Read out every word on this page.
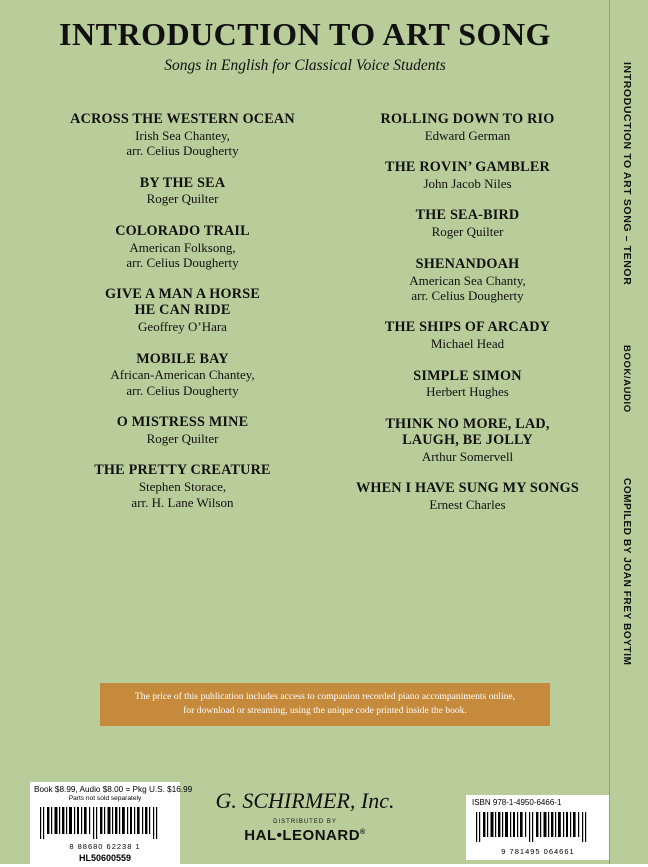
INTRODUCTION TO ART SONG
Songs in English for Classical Voice Students
ACROSS THE WESTERN OCEAN
Irish Sea Chantey,
arr. Celius Dougherty
BY THE SEA
Roger Quilter
COLORADO TRAIL
American Folksong,
arr. Celius Dougherty
GIVE A MAN A HORSE
HE CAN RIDE
Geoffrey O’Hara
MOBILE BAY
African-American Chantey,
arr. Celius Dougherty
O MISTRESS MINE
Roger Quilter
THE PRETTY CREATURE
Stephen Storace,
arr. H. Lane Wilson
ROLLING DOWN TO RIO
Edward German
THE ROVIN’ GAMBLER
John Jacob Niles
THE SEA-BIRD
Roger Quilter
SHENANDOAH
American Sea Chanty,
arr. Celius Dougherty
THE SHIPS OF ARCADY
Michael Head
SIMPLE SIMON
Herbert Hughes
THINK NO MORE, LAD,
LAUGH, BE JOLLY
Arthur Somervell
WHEN I HAVE SUNG MY SONGS
Ernest Charles
The price of this publication includes access to companion recorded piano accompaniments online,
for download or streaming, using the unique code printed inside the book.
G. SCHIRMER, Inc.
DISTRIBUTED BY
HAL•LEONARD®
Book $8.99, Audio $8.00 = Pkg U.S. $16.99
Parts not sold separately
8 88680 62238 1
HL50600559
ISBN 978-1-4950-6466-1
9 781495 064661
INTRODUCTION TO ART SONG – TENOR
BOOK/AUDIO
COMPILED BY JOAN FREY BOYTIM
